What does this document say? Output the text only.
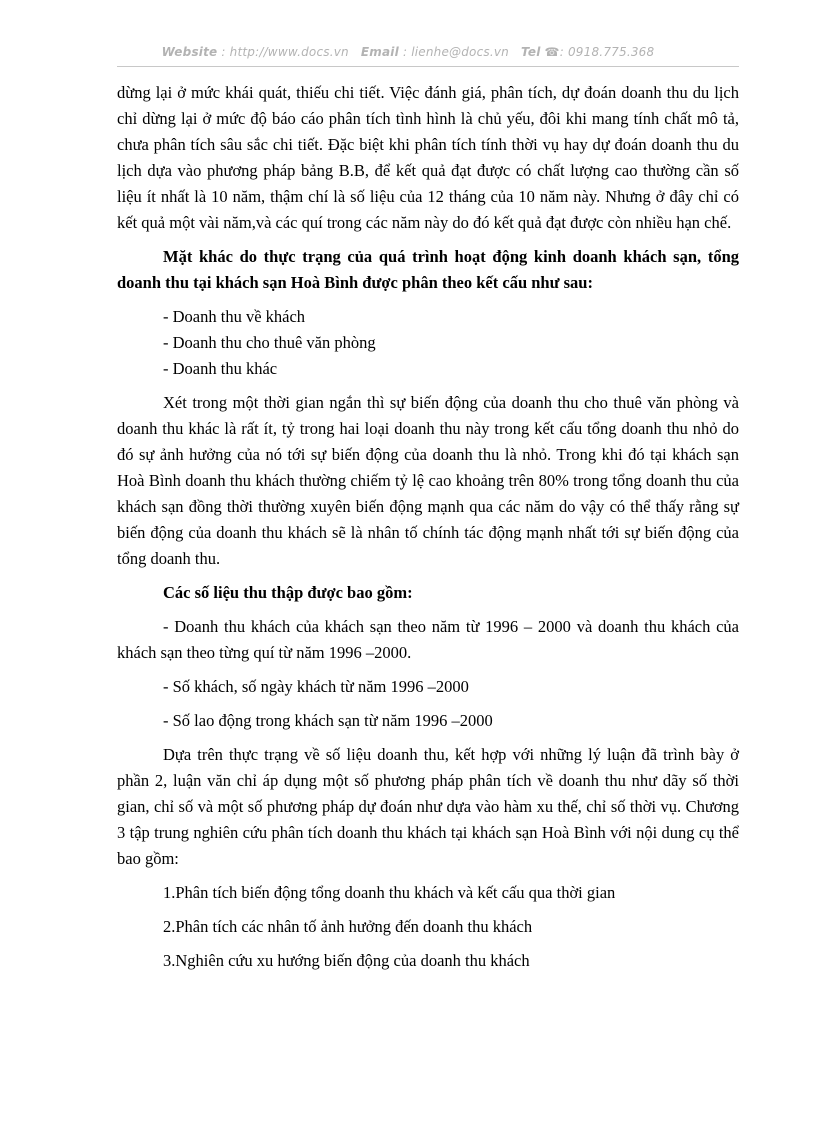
Website : http://www.docs.vn Email : lienhe@docs.vn Tel ☎: 0918.775.368

dừng lại ở mức khái quát, thiếu chi tiết. Việc đánh giá, phân tích, dự đoán doanh thu du lịch chỉ dừng lại ở mức độ báo cáo phân tích tình hình là chủ yếu, đôi khi mang tính chất mô tả, chưa phân tích sâu sắc chi tiết. Đặc biệt khi phân tích tính thời vụ hay dự đoán doanh thu du lịch dựa vào phương pháp bảng B.B, để kết quả đạt được có chất lượng cao thường cần số liệu ít nhất là 10 năm, thậm chí là số liệu của 12 tháng của 10 năm này. Nhưng ở đây chỉ có kết quả một vài năm,và các quí trong các năm này do đó kết quả đạt được còn nhiều hạn chế.

Mặt khác do thực trạng của quá trình hoạt động kinh doanh khách sạn, tổng doanh thu tại khách sạn Hoà Bình được phân theo kết cấu như sau:

- Doanh thu về khách

- Doanh thu cho thuê văn phòng

- Doanh thu khác

Xét trong một thời gian ngắn thì sự biến động của doanh thu cho thuê văn phòng và doanh thu khác là rất ít, tỷ trong hai loại doanh thu này trong kết cấu tổng doanh thu nhỏ do đó sự ảnh hưởng của nó tới sự biến động của doanh thu là nhỏ. Trong khi đó tại khách sạn Hoà Bình doanh thu khách thường chiếm tỷ lệ cao khoảng trên 80% trong tổng doanh thu của khách sạn đồng thời thường xuyên biến động mạnh qua các năm do vậy có thể thấy rằng sự biến động của doanh thu khách sẽ là nhân tố chính tác động mạnh nhất tới sự biến động của tổng doanh thu.

Các số liệu thu thập được bao gồm:

- Doanh thu khách của khách sạn theo năm từ 1996 – 2000 và doanh thu khách của khách sạn theo từng quí từ năm 1996 –2000.

- Số khách, số ngày khách từ năm 1996 –2000

- Số lao động trong khách sạn từ năm 1996 –2000

Dựa trên thực trạng về số liệu doanh thu, kết hợp với những lý luận đã trình bày ở phần 2, luận văn chỉ áp dụng một số phương pháp phân tích về doanh thu như dãy số thời gian, chỉ số và một số phương pháp dự đoán như dựa vào hàm xu thế, chỉ số thời vụ. Chương 3 tập trung nghiên cứu phân tích doanh thu khách tại khách sạn Hoà Bình với nội dung cụ thể bao gồm:

1.Phân tích biến động tổng doanh thu khách và kết cấu qua thời gian

2.Phân tích các nhân tố ảnh hưởng đến doanh thu khách

3.Nghiên cứu xu hướng biến động của doanh thu khách
